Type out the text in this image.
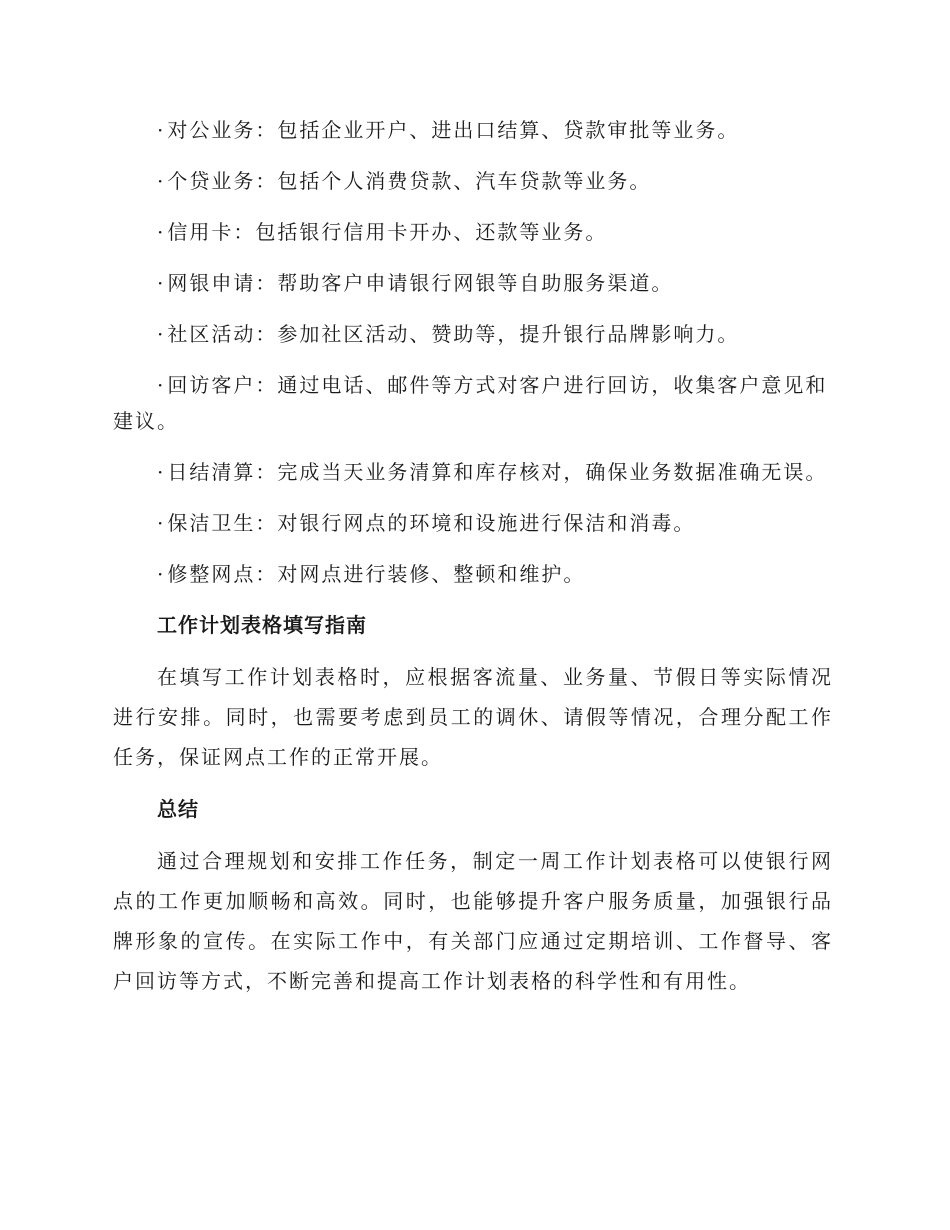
· 对公业务：包括企业开户、进出口结算、贷款审批等业务。

· 个贷业务：包括个人消费贷款、汽车贷款等业务。

· 信用卡：包括银行信用卡开办、还款等业务。

· 网银申请：帮助客户申请银行网银等自助服务渠道。

· 社区活动：参加社区活动、赞助等，提升银行品牌影响力。

· 回访客户：通过电话、邮件等方式对客户进行回访，收集客户意见和建议。

· 日结清算：完成当天业务清算和库存核对，确保业务数据准确无误。

· 保洁卫生：对银行网点的环境和设施进行保洁和消毒。

· 修整网点：对网点进行装修、整顿和维护。

工作计划表格填写指南

在填写工作计划表格时，应根据客流量、业务量、节假日等实际情况进行安排。同时，也需要考虑到员工的调休、请假等情况，合理分配工作任务，保证网点工作的正常开展。

总结

通过合理规划和安排工作任务，制定一周工作计划表格可以使银行网点的工作更加顺畅和高效。同时，也能够提升客户服务质量，加强银行品牌形象的宣传。在实际工作中，有关部门应通过定期培训、工作督导、客户回访等方式，不断完善和提高工作计划表格的科学性和有用性。
